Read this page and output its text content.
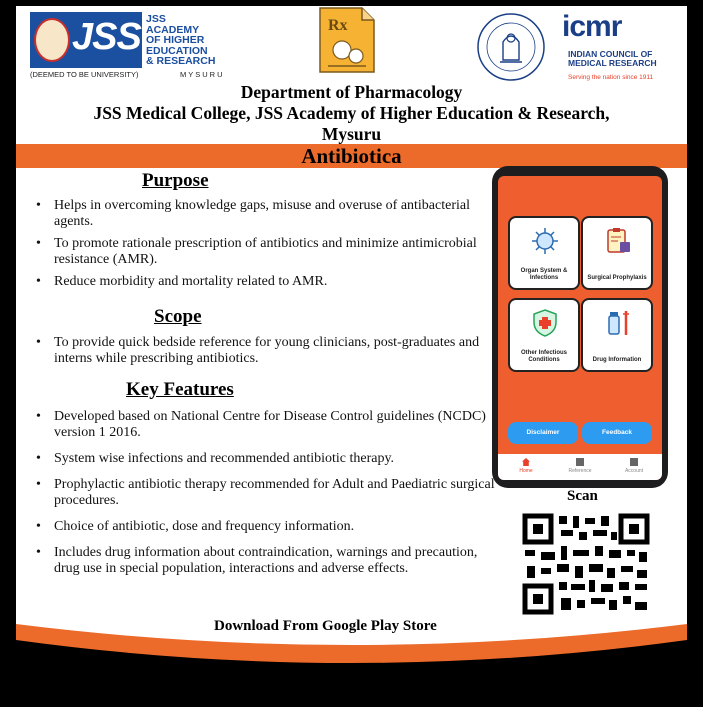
JSS JSS
ACADEMY
OF HIGHER
EDUCATION
& RESEARCH
(DEEMED TO BE UNIVERSITY)	MYSURU
Rx	icmr
INDIAN COUNCIL OF
MEDICAL RESEARCH
Serving the nation since 1911
Department of Pharmacology
JSS Medical College, JSS Academy of Higher Education & Research,
Mysuru
Antibiotica
Purpose
• Helps in overcoming knowledge gaps, misuse and overuse of antibacterial agents.
• To promote rationale prescription of antibiotics and minimize antimicrobial resistance (AMR).
• Reduce morbidity and mortality related to AMR.
Scope
• To provide quick bedside reference for young clinicians, post-graduates and interns while prescribing antibiotics.
Key Features
• Developed based on National Centre for Disease Control guidelines (NCDC) version 1 2016.
• System wise infections and recommended antibiotic therapy.
• Prophylactic antibiotic therapy recommended for Adult and Paediatric surgical procedures.
• Choice of antibiotic, dose and frequency information.
• Includes drug information about contraindication, warnings and precaution, drug use in special population, interactions and adverse effects.
Organ System & Infections	Surgical Prophylaxis
Other Infectious Conditions	Drug Information
Disclaimer	Feedback
Home	Reference	Account
Scan
Download From Google Play Store
